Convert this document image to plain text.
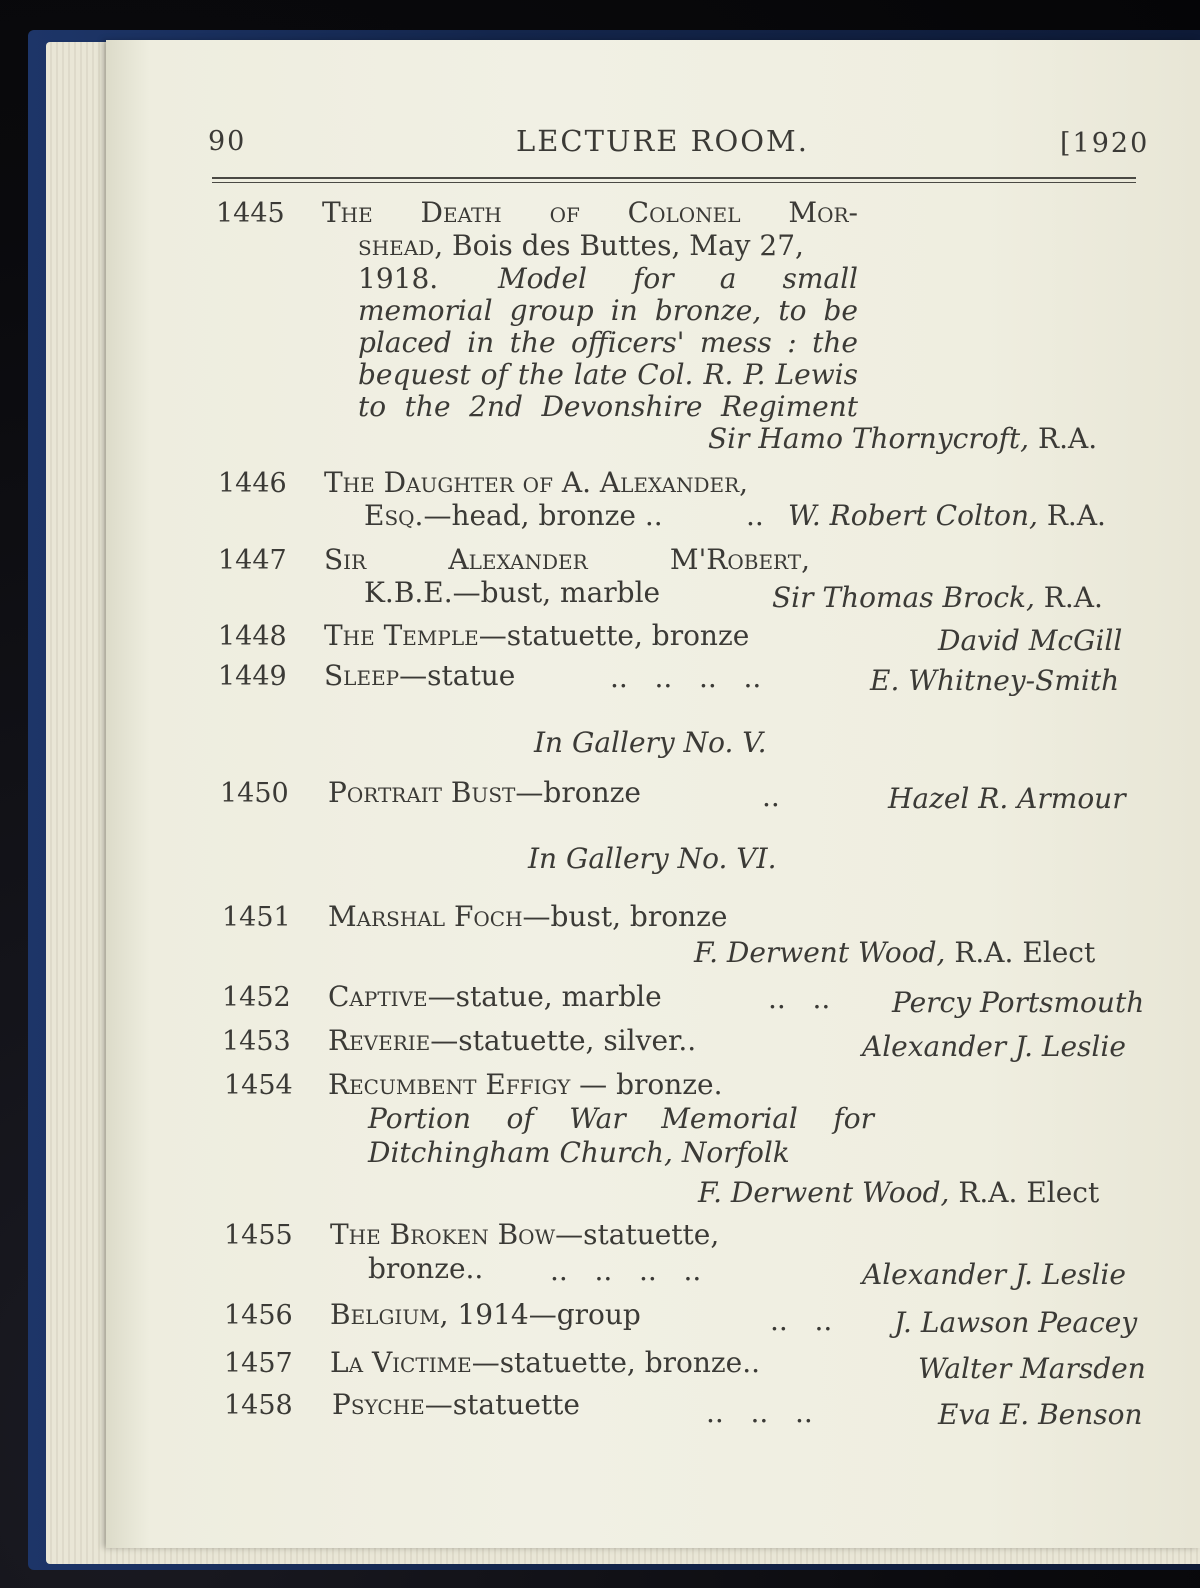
90	LECTURE ROOM.	[1920
1445 The Death of Colonel Mor-
shead, Bois des Buttes, May 27,
1918. Model for a small
memorial group in bronze, to be
placed in the officers' mess : the
bequest of the late Col. R. P. Lewis
to the 2nd Devonshire Regiment
Sir Hamo Thornycroft, R.A.
1446 The Daughter of A. Alexander,
Esq.—head, bronze ..	.. W. Robert Colton, R.A.
1447 Sir Alexander M'Robert,
K.B.E.—bust, marble	Sir Thomas Brock, R.A.
1448 The Temple—statuette, bronze	David McGill
1449 Sleep—statue	..   ..   ..   ..	E. Whitney-Smith
In Gallery No. V.
1450 Portrait Bust—bronze	..	Hazel R. Armour
In Gallery No. VI.
1451 Marshal Foch—bust, bronze
F. Derwent Wood, R.A. Elect
1452 Captive—statue, marble	..   .. Percy Portsmouth
1453 Reverie—statuette, silver..	Alexander J. Leslie
1454 Recumbent Effigy — bronze.
Portion of War Memorial for
Ditchingham Church, Norfolk
F. Derwent Wood, R.A. Elect
1455 The Broken Bow—statuette,
bronze.. ..   ..   ..   ..	Alexander J. Leslie
1456 Belgium, 1914—group	..   .. J. Lawson Peacey
1457 La Victime—statuette, bronze..	Walter Marsden
1458 Psyche—statuette	..   ..   ..	Eva E. Benson
